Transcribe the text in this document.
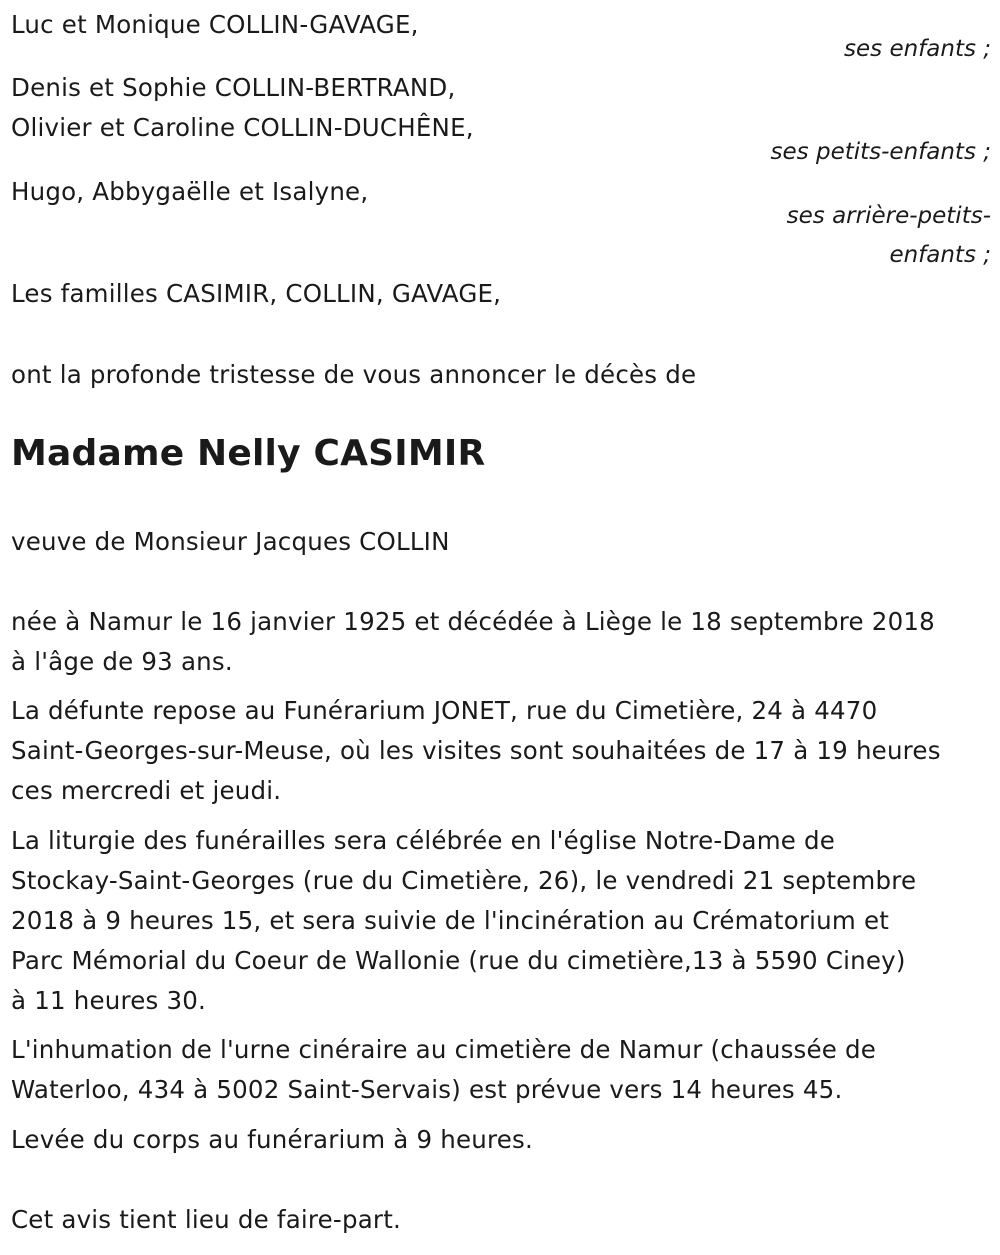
Luc et Monique COLLIN-GAVAGE,
ses enfants ;
Denis et Sophie COLLIN-BERTRAND,
Olivier et Caroline COLLIN-DUCHÊNE,
ses petits-enfants ;
Hugo, Abbygaëlle et Isalyne,
ses arrière-petits-
enfants ;
Les familles CASIMIR, COLLIN, GAVAGE,
ont la profonde tristesse de vous annoncer le décès de
Madame Nelly CASIMIR
veuve de Monsieur Jacques COLLIN
née à Namur le 16 janvier 1925 et décédée à Liège le 18 septembre 2018
à l'âge de 93 ans.
La défunte repose au Funérarium JONET, rue du Cimetière, 24 à 4470
Saint-Georges-sur-Meuse, où les visites sont souhaitées de 17 à 19 heures
ces mercredi et jeudi.
La liturgie des funérailles sera célébrée en l'église Notre-Dame de
Stockay-Saint-Georges (rue du Cimetière, 26), le vendredi 21 septembre
2018 à 9 heures 15, et sera suivie de l'incinération au Crématorium et
Parc Mémorial du Coeur de Wallonie (rue du cimetière,13 à 5590 Ciney)
à 11 heures 30.
L'inhumation de l'urne cinéraire au cimetière de Namur (chaussée de
Waterloo, 434 à 5002 Saint-Servais) est prévue vers 14 heures 45.
Levée du corps au funérarium à 9 heures.
Cet avis tient lieu de faire-part.
